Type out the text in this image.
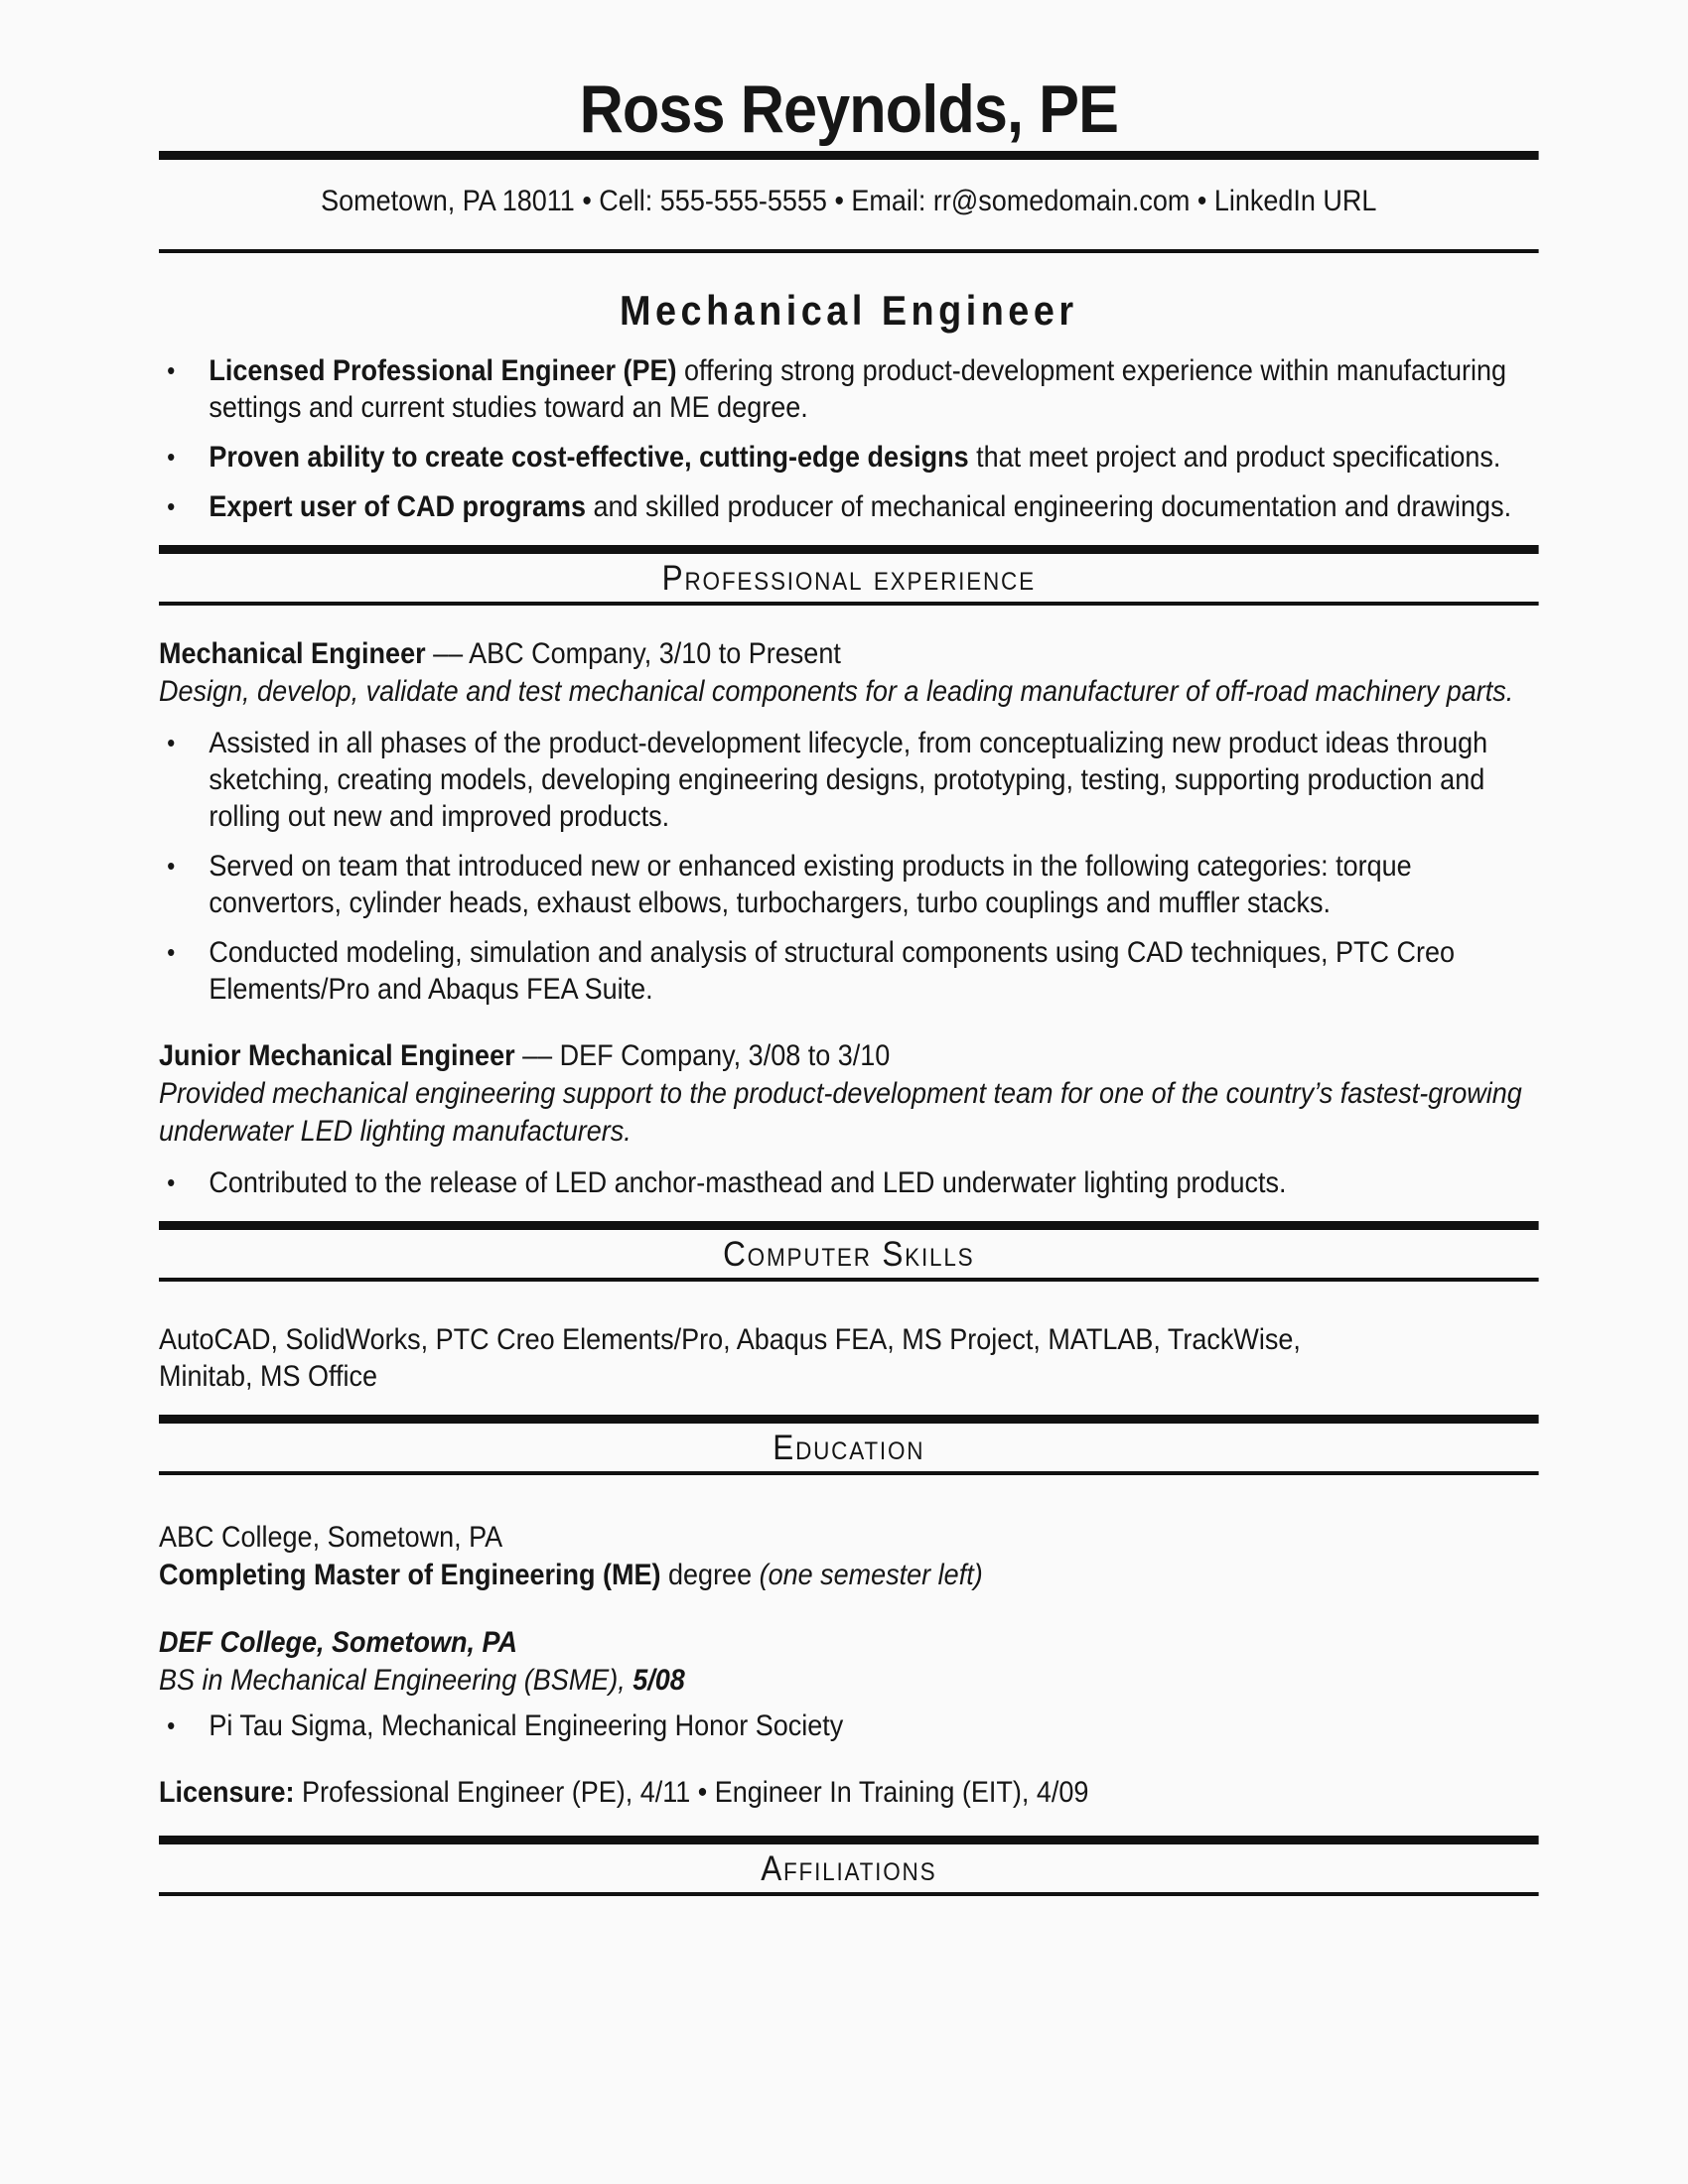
Ross Reynolds, PE
Sometown, PA 18011 • Cell: 555-555-5555 • Email: rr@somedomain.com • LinkedIn URL
Mechanical Engineer
•	Licensed Professional Engineer (PE) offering strong product-development experience within manufacturing settings and current studies toward an ME degree.
•	Proven ability to create cost-effective, cutting-edge designs that meet project and product specifications.
•	Expert user of CAD programs and skilled producer of mechanical engineering documentation and drawings.
Professional experience
Mechanical Engineer –– ABC Company, 3/10 to Present
Design, develop, validate and test mechanical components for a leading manufacturer of off-road machinery parts.
•	Assisted in all phases of the product-development lifecycle, from conceptualizing new product ideas through sketching, creating models, developing engineering designs, prototyping, testing, supporting production and rolling out new and improved products.
•	Served on team that introduced new or enhanced existing products in the following categories: torque convertors, cylinder heads, exhaust elbows, turbochargers, turbo couplings and muffler stacks.
•	Conducted modeling, simulation and analysis of structural components using CAD techniques, PTC Creo Elements/Pro and Abaqus FEA Suite.
Junior Mechanical Engineer –– DEF Company, 3/08 to 3/10
Provided mechanical engineering support to the product-development team for one of the country’s fastest-growing underwater LED lighting manufacturers.
•	Contributed to the release of LED anchor-masthead and LED underwater lighting products.
Computer Skills
AutoCAD, SolidWorks, PTC Creo Elements/Pro, Abaqus FEA, MS Project, MATLAB, TrackWise, Minitab, MS Office
Education
ABC College, Sometown, PA
Completing Master of Engineering (ME) degree (one semester left)
DEF College, Sometown, PA
BS in Mechanical Engineering (BSME), 5/08
•	Pi Tau Sigma, Mechanical Engineering Honor Society
Licensure: Professional Engineer (PE), 4/11 • Engineer In Training (EIT), 4/09
Affiliations
